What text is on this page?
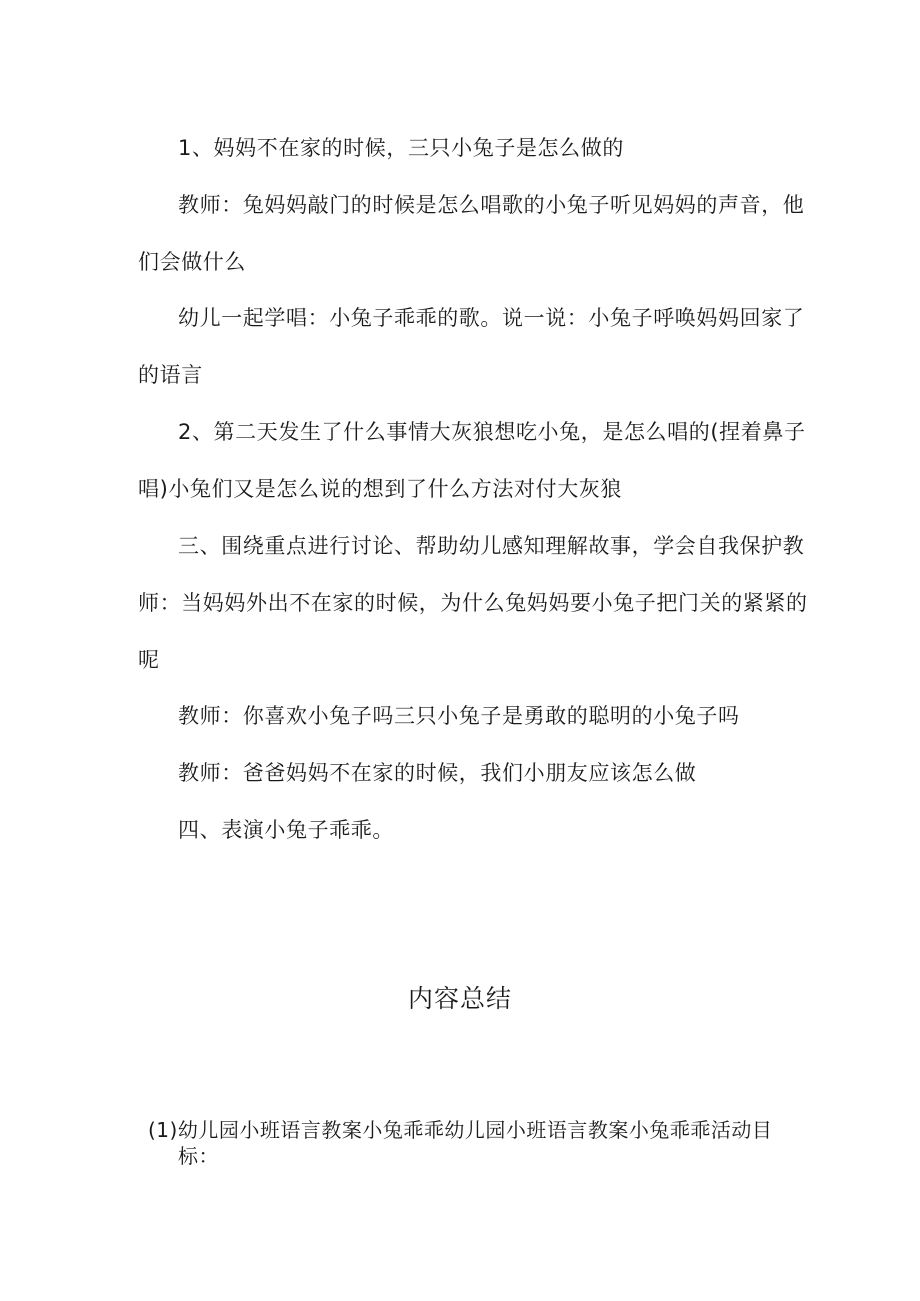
1、妈妈不在家的时候，三只小兔子是怎么做的
教师：兔妈妈敲门的时候是怎么唱歌的小兔子听见妈妈的声音，他
们会做什么
幼儿一起学唱：小兔子乖乖的歌。说一说：小兔子呼唤妈妈回家了
的语言
2、第二天发生了什么事情大灰狼想吃小兔，是怎么唱的(捏着鼻子
唱)小兔们又是怎么说的想到了什么方法对付大灰狼
三、围绕重点进行讨论、帮助幼儿感知理解故事，学会自我保护教
师：当妈妈外出不在家的时候，为什么兔妈妈要小兔子把门关的紧紧的
呢
教师：你喜欢小兔子吗三只小兔子是勇敢的聪明的小兔子吗
教师：爸爸妈妈不在家的时候，我们小朋友应该怎么做
四、表演小兔子乖乖。
内容总结
(1)幼儿园小班语言教案小兔乖乖幼儿园小班语言教案小兔乖乖活动目
标：
